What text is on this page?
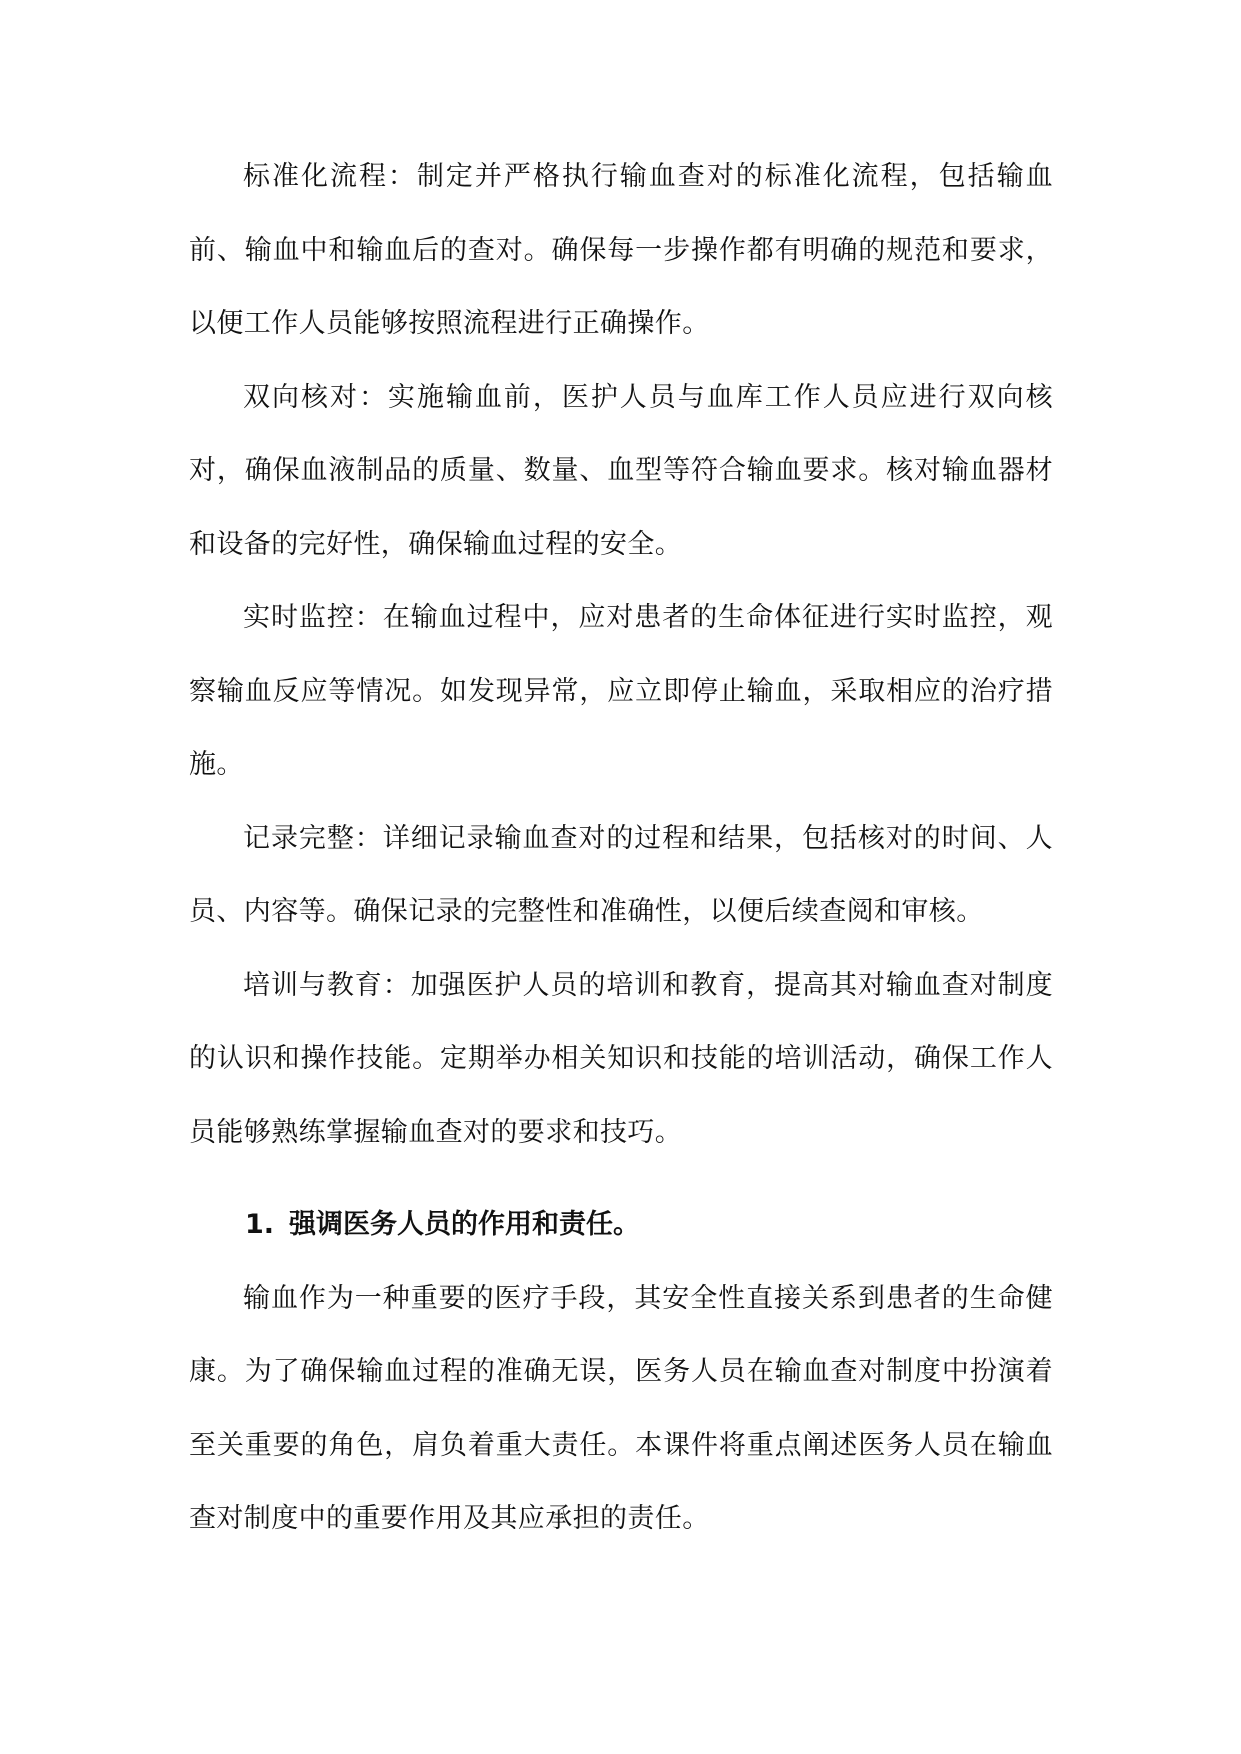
标准化流程：制定并严格执行输血查对的标准化流程，包括输血前、输血中和输血后的查对。确保每一步操作都有明确的规范和要求，以便工作人员能够按照流程进行正确操作。

双向核对：实施输血前，医护人员与血库工作人员应进行双向核对，确保血液制品的质量、数量、血型等符合输血要求。核对输血器材和设备的完好性，确保输血过程的安全。

实时监控：在输血过程中，应对患者的生命体征进行实时监控，观察输血反应等情况。如发现异常，应立即停止输血，采取相应的治疗措施。

记录完整：详细记录输血查对的过程和结果，包括核对的时间、人员、内容等。确保记录的完整性和准确性，以便后续查阅和审核。

培训与教育：加强医护人员的培训和教育，提高其对输血查对制度的认识和操作技能。定期举办相关知识和技能的培训活动，确保工作人员能够熟练掌握输血查对的要求和技巧。

1. 强调医务人员的作用和责任。

输血作为一种重要的医疗手段，其安全性直接关系到患者的生命健康。为了确保输血过程的准确无误，医务人员在输血查对制度中扮演着至关重要的角色，肩负着重大责任。本课件将重点阐述医务人员在输血查对制度中的重要作用及其应承担的责任。
